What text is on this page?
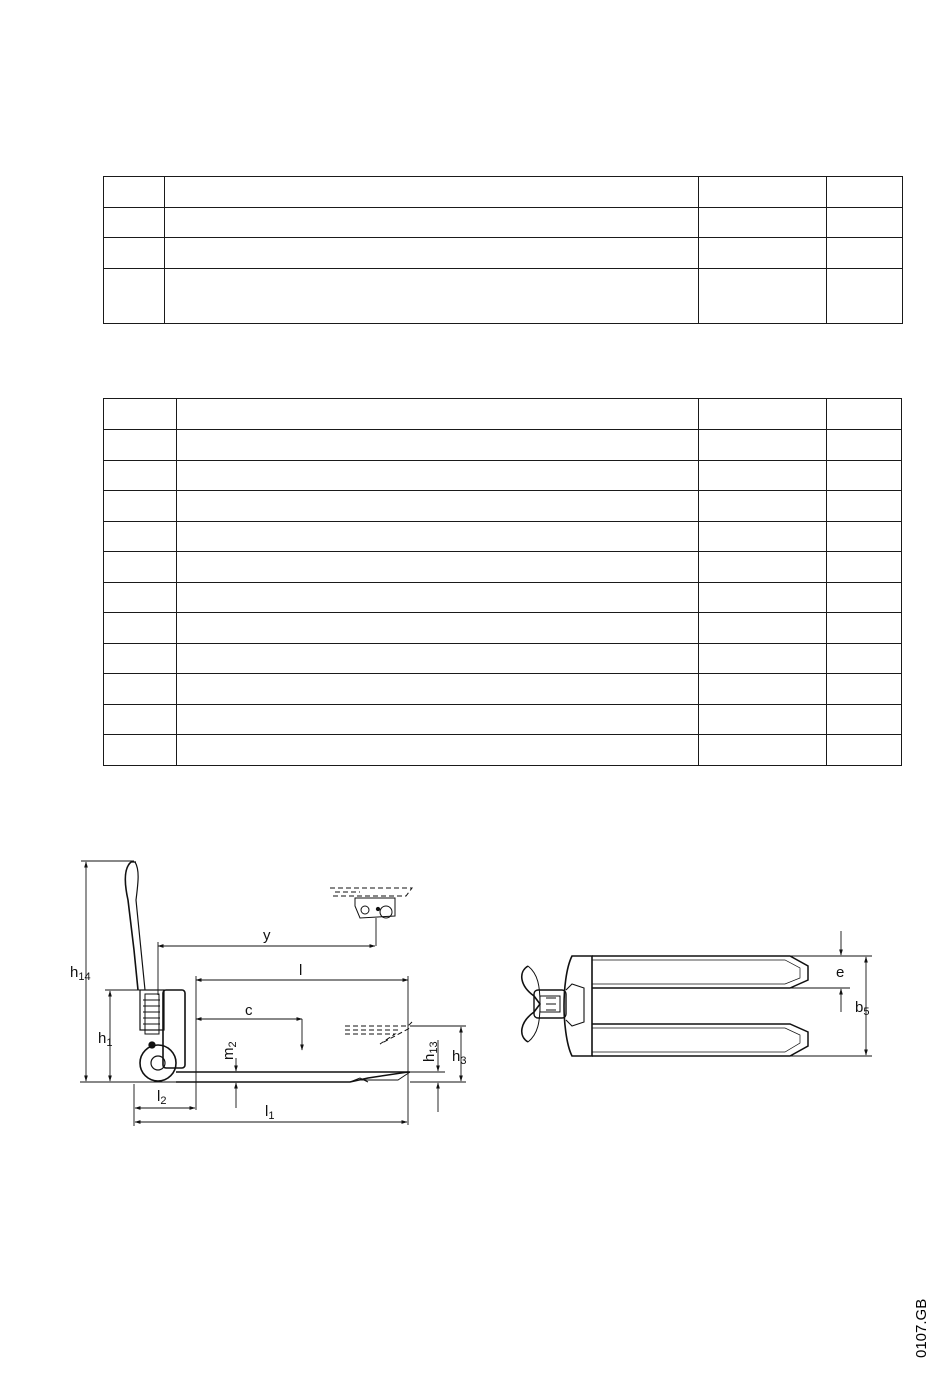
y
l
c
$h_{14}$
$h_1$
$l_2$
$l_1$
$h_3$
$m_2$
$h_{13}$
e
$b_5$
0107.GB
